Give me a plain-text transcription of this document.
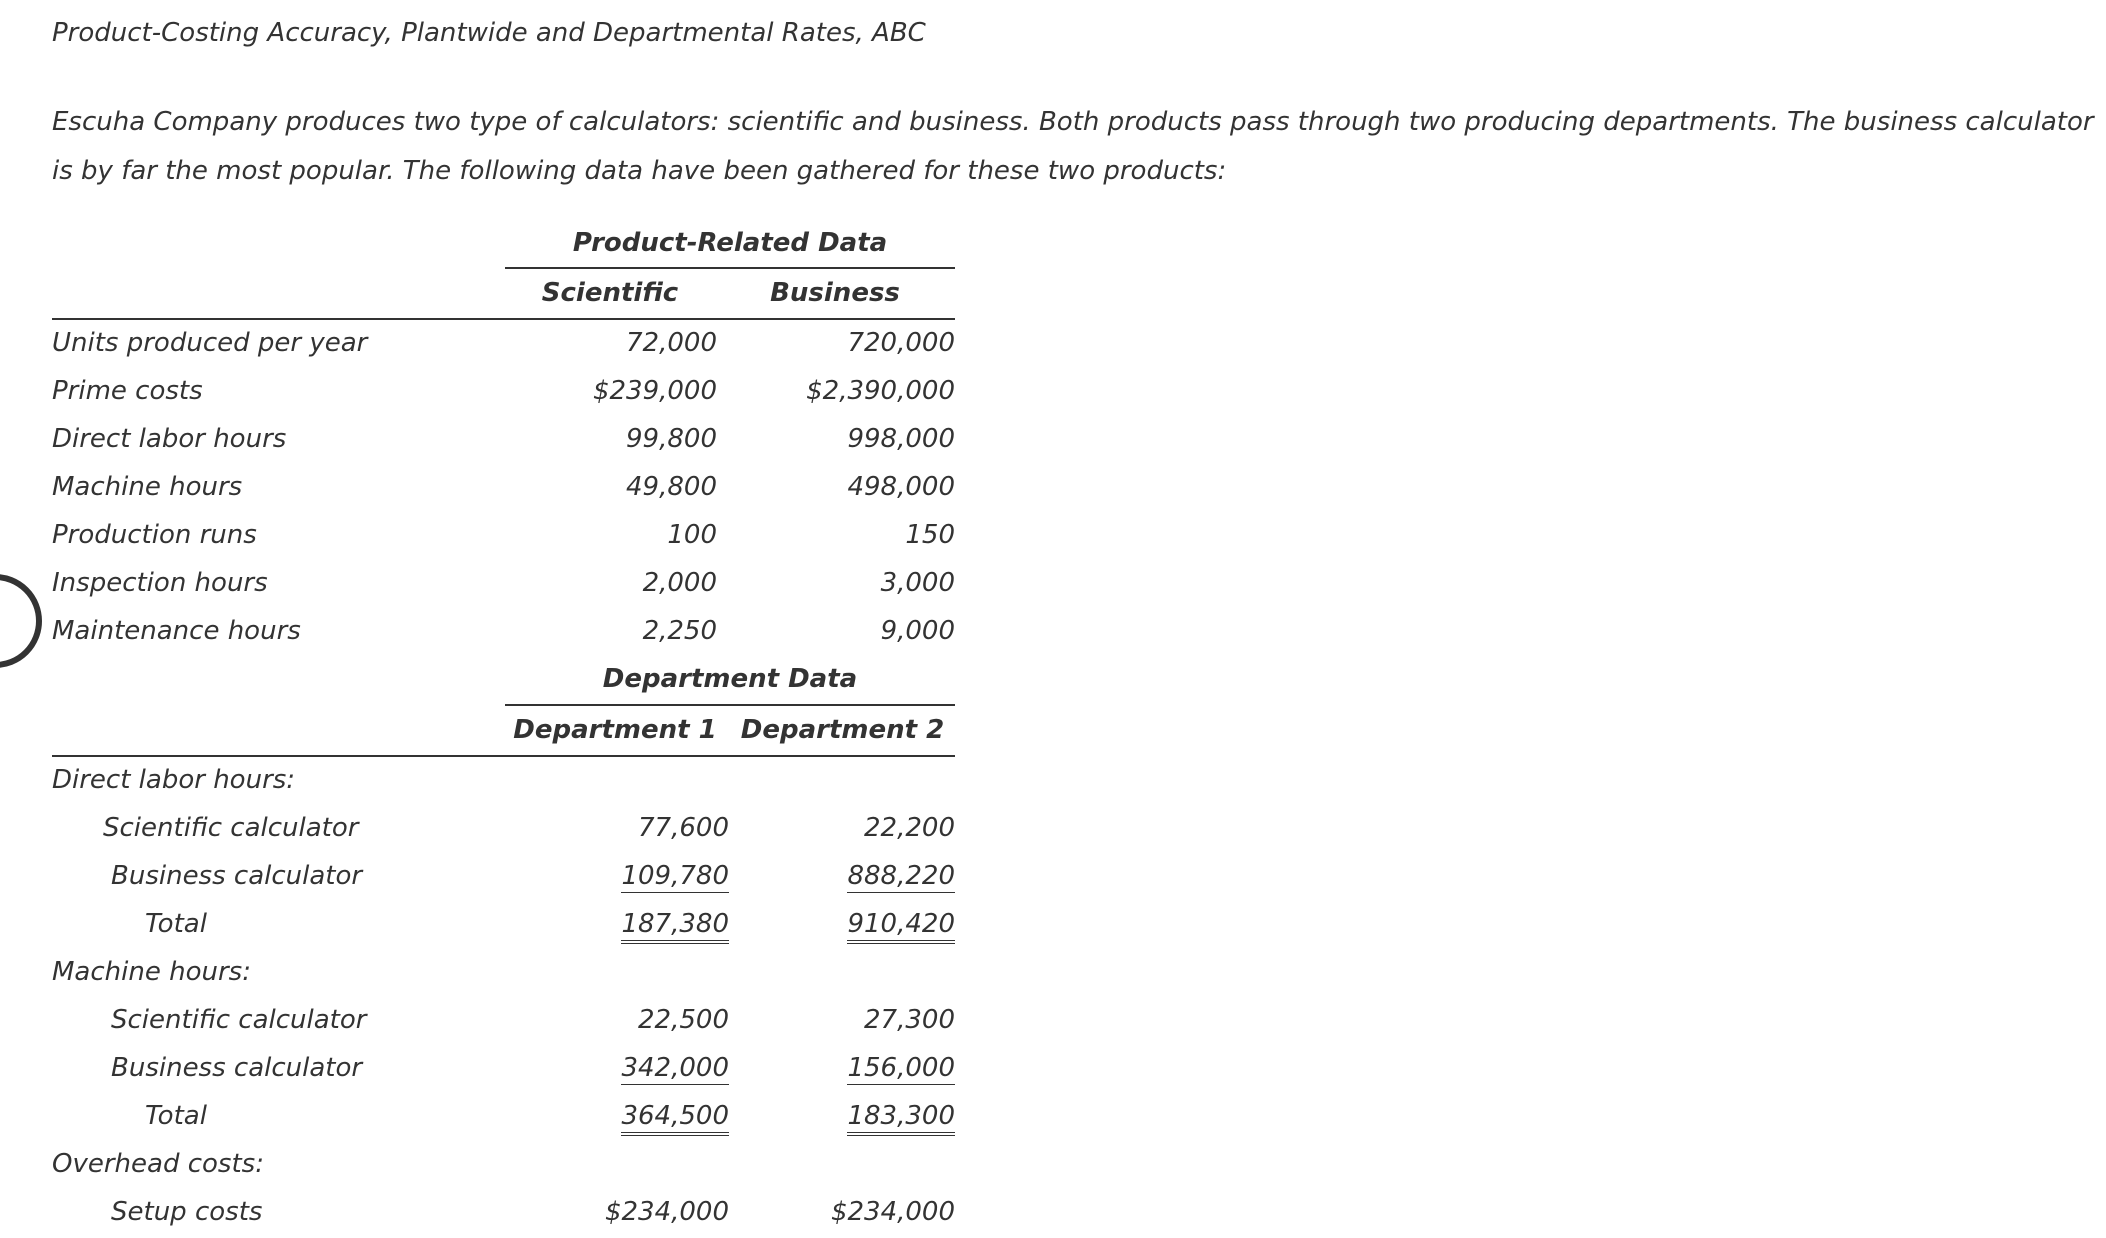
Product-Costing Accuracy, Plantwide and Departmental Rates, ABC
Escuha Company produces two type of calculators: scientific and business. Both products pass through two producing departments. The business calculator is by far the most popular. The following data have been gathered for these two products:
Product-Related Data
Scientific	Business
Units produced per year	72,000	720,000
Prime costs	$239,000	$2,390,000
Direct labor hours	99,800	998,000
Machine hours	49,800	498,000
Production runs	100	150
Inspection hours	2,000	3,000
Maintenance hours	2,250	9,000
Department Data
Department 1 Department 2
Direct labor hours:
Scientific calculator	77,600	22,200
Business calculator	109,780	888,220
Total	187,380	910,420
Machine hours:
Scientific calculator	22,500	27,300
Business calculator	342,000	156,000
Total	364,500	183,300
Overhead costs:
Setup costs	$234,000	$234,000
